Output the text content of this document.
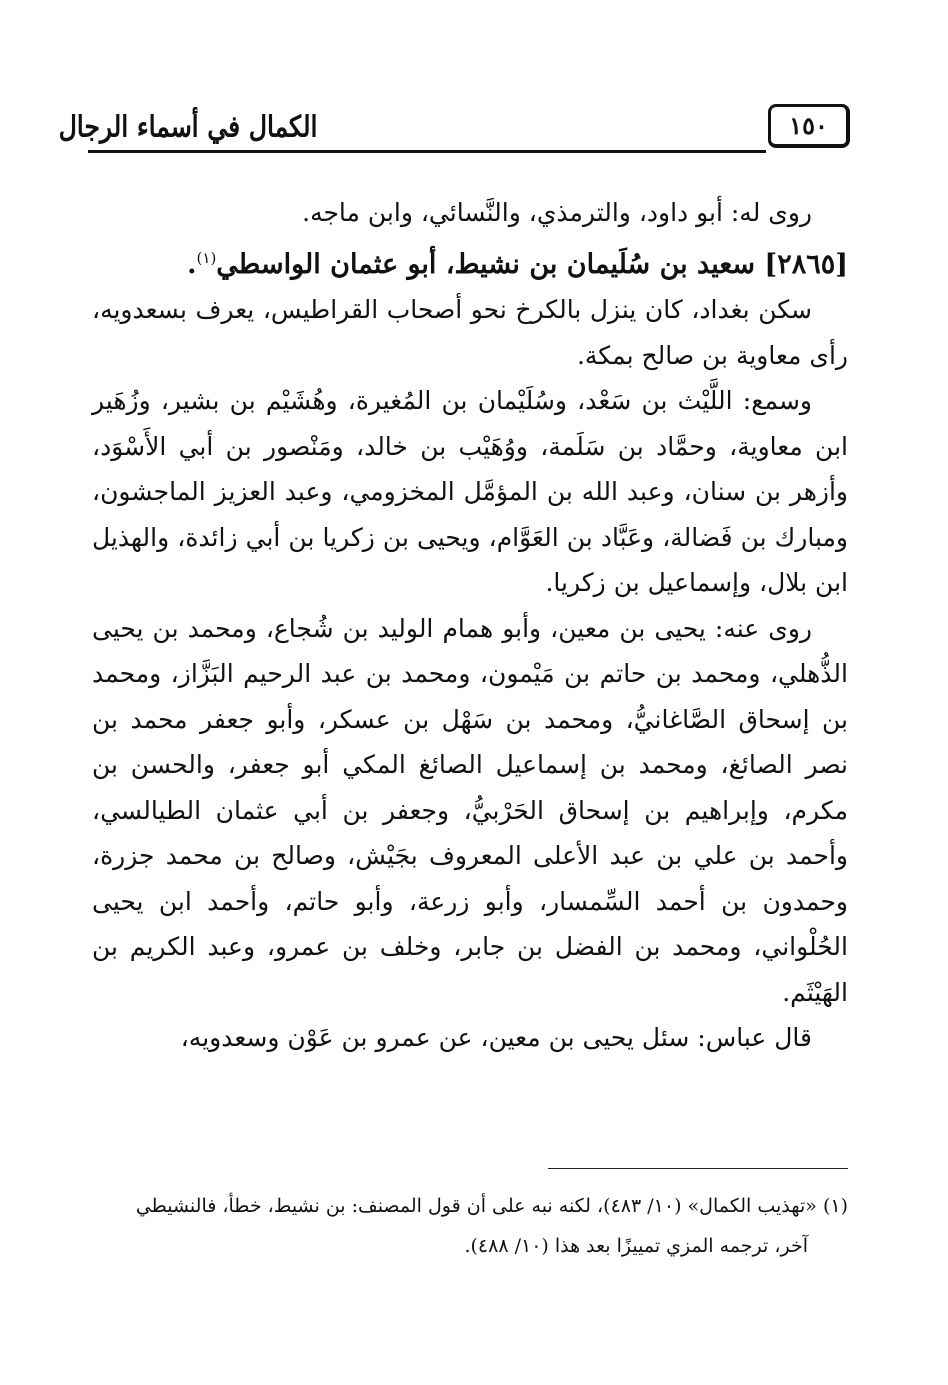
الكمال في أسماء الرجال	١٥٠

روى له: أبو داود، والترمذي، والنَّسائي، وابن ماجه.

[٢٨٦٥] سعيد بن سُلَيمان بن نشيط، أبو عثمان الواسطي$^{(١)}$.

سكن بغداد، كان ينزل بالكرخ نحو أصحاب القراطيس، يعرف بسعدويه، رأى معاوية بن صالح بمكة.

وسمع: اللَّيْث بن سَعْد، وسُلَيْمان بن المُغيرة، وهُشَيْم بن بشير، وزُهَير ابن معاوية، وحمَّاد بن سَلَمة، ووُهَيْب بن خالد، ومَنْصور بن أبي الأَسْوَد، وأزهر بن سنان، وعبد الله بن المؤمَّل المخزومي، وعبد العزيز الماجشون، ومبارك بن فَضالة، وعَبَّاد بن العَوَّام، ويحيى بن زكريا بن أبي زائدة، والهذيل ابن بلال، وإسماعيل بن زكريا.

روى عنه: يحيى بن معين، وأبو همام الوليد بن شُجاع، ومحمد بن يحيى الذُّهلي، ومحمد بن حاتم بن مَيْمون، ومحمد بن عبد الرحيم البَزَّاز، ومحمد بن إسحاق الصَّاغانيُّ، ومحمد بن سَهْل بن عسكر، وأبو جعفر محمد بن نصر الصائغ، ومحمد بن إسماعيل الصائغ المكي أبو جعفر، والحسن بن مكرم، وإبراهيم بن إسحاق الحَرْبيُّ، وجعفر بن أبي عثمان الطيالسي، وأحمد بن علي بن عبد الأعلى المعروف بجَيْش، وصالح بن محمد جزرة، وحمدون بن أحمد السِّمسار، وأبو زرعة، وأبو حاتم، وأحمد ابن يحيى الحُلْواني، ومحمد بن الفضل بن جابر، وخلف بن عمرو، وعبد الكريم بن الهَيْثَم.

قال عباس: سئل يحيى بن معين، عن عمرو بن عَوْن وسعدويه،

(١) «تهذيب الكمال» (١٠/ ٤٨٣)، لكنه نبه على أن قول المصنف: بن نشيط، خطأ، فالنشيطي

آخر، ترجمه المزي تمييزًا بعد هذا (١٠/ ٤٨٨).
